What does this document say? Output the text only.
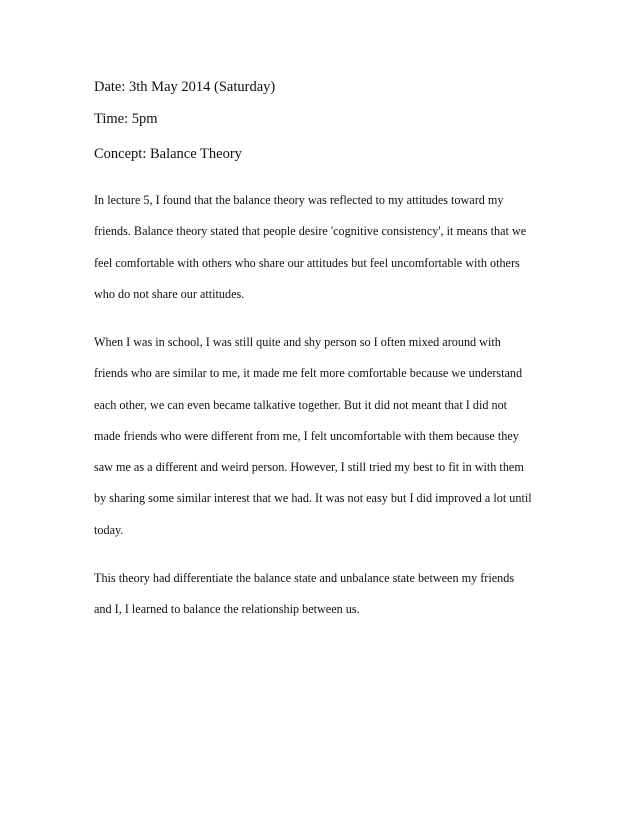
Date: 3th May 2014 (Saturday)

Time: 5pm

Concept: Balance Theory

In lecture 5, I found that the balance theory was reflected to my attitudes toward my
friends. Balance theory stated that people desire 'cognitive consistency', it means that we
feel comfortable with others who share our attitudes but feel uncomfortable with others
who do not share our attitudes.
When I was in school, I was still quite and shy person so I often mixed around with
friends who are similar to me, it made me felt more comfortable because we understand
each other, we can even became talkative together. But it did not meant that I did not
made friends who were different from me, I felt uncomfortable with them because they
saw me as a different and weird person. However, I still tried my best to fit in with them
by sharing some similar interest that we had. It was not easy but I did improved a lot until
today.
This theory had differentiate the balance state and unbalance state between my friends
and I, I learned to balance the relationship between us.
